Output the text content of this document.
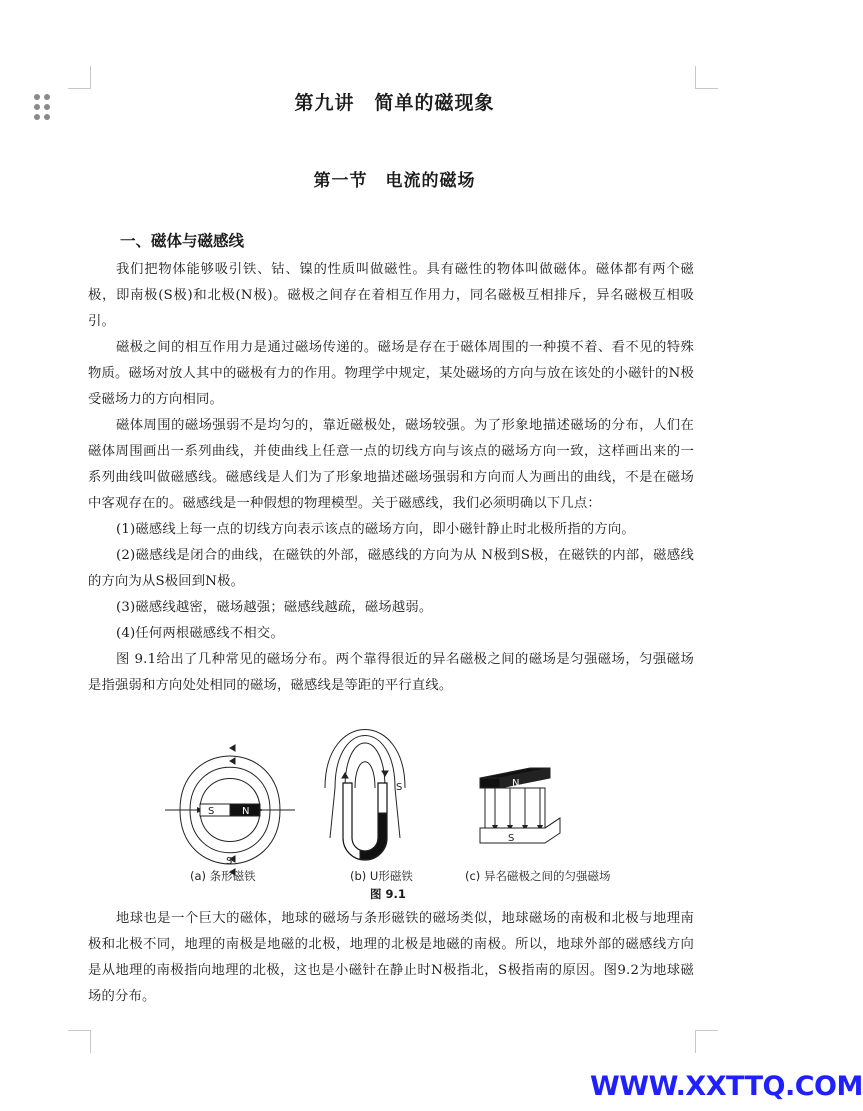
第九讲　简单的磁现象
第一节　电流的磁场
一、磁体与磁感线

我们把物体能够吸引铁、钴、镍的性质叫做磁性。具有磁性的物体叫做磁体。磁体都有两个磁极，即南极(S极)和北极(N极)。磁极之间存在着相互作用力，同名磁极互相排斥，异名磁极互相吸引。

磁极之间的相互作用力是通过磁场传递的。磁场是存在于磁体周围的一种摸不着、看不见的特殊物质。磁场对放人其中的磁极有力的作用。物理学中规定，某处磁场的方向与放在该处的小磁针的N极受磁场力的方向相同。

磁体周围的磁场强弱不是均匀的，靠近磁极处，磁场较强。为了形象地描述磁场的分布，人们在磁体周围画出一系列曲线，并使曲线上任意一点的切线方向与该点的磁场方向一致，这样画出来的一系列曲线叫做磁感线。磁感线是人们为了形象地描述磁场强弱和方向而人为画出的曲线，不是在磁场中客观存在的。磁感线是一种假想的物理模型。关于磁感线，我们必须明确以下几点：

(1)磁感线上每一点的切线方向表示该点的磁场方向，即小磁针静止时北极所指的方向。

(2)磁感线是闭合的曲线，在磁铁的外部，磁感线的方向为从 N极到S极，在磁铁的内部，磁感线的方向为从S极回到N极。

(3)磁感线越密，磁场越强；磁感线越疏，磁场越弱。

(4)任何两根磁感线不相交。

图 9.1给出了几种常见的磁场分布。两个靠得很近的异名磁极之间的磁场是匀强磁场，匀强磁场是指强弱和方向处处相同的磁场，磁感线是等距的平行直线。

S	N
S
S	N
S
(a) 条形磁铁	(b) U形磁铁	(c) 异名磁极之间的匀强磁场
图 9.1

地球也是一个巨大的磁体，地球的磁场与条形磁铁的磁场类似，地球磁场的南极和北极与地理南极和北极不同，地理的南极是地磁的北极，地理的北极是地磁的南极。所以，地球外部的磁感线方向是从地理的南极指向地理的北极，这也是小磁针在静止时N极指北，S极指南的原因。图9.2为地球磁场的分布。

WWW.XXTTQ.COM
